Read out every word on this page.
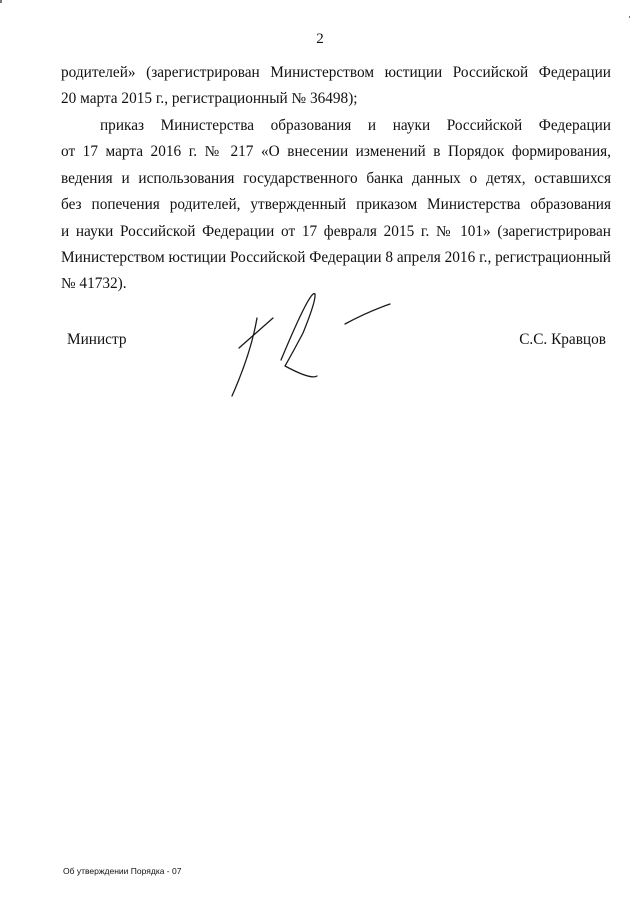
2
родителей» (зарегистрирован Министерством юстиции Российской Федерации
20 марта 2015 г., регистрационный № 36498);
приказ Министерства образования и науки Российской Федерации
от 17 марта 2016 г. № 217 «О внесении изменений в Порядок формирования,
ведения и использования государственного банка данных о детях, оставшихся
без попечения родителей, утвержденный приказом Министерства образования
и науки Российской Федерации от 17 февраля 2015 г. № 101» (зарегистрирован
Министерством юстиции Российской Федерации 8 апреля 2016 г., регистрационный
№ 41732).
Министр	С.С. Кравцов
Об утверждении Порядка - 07
